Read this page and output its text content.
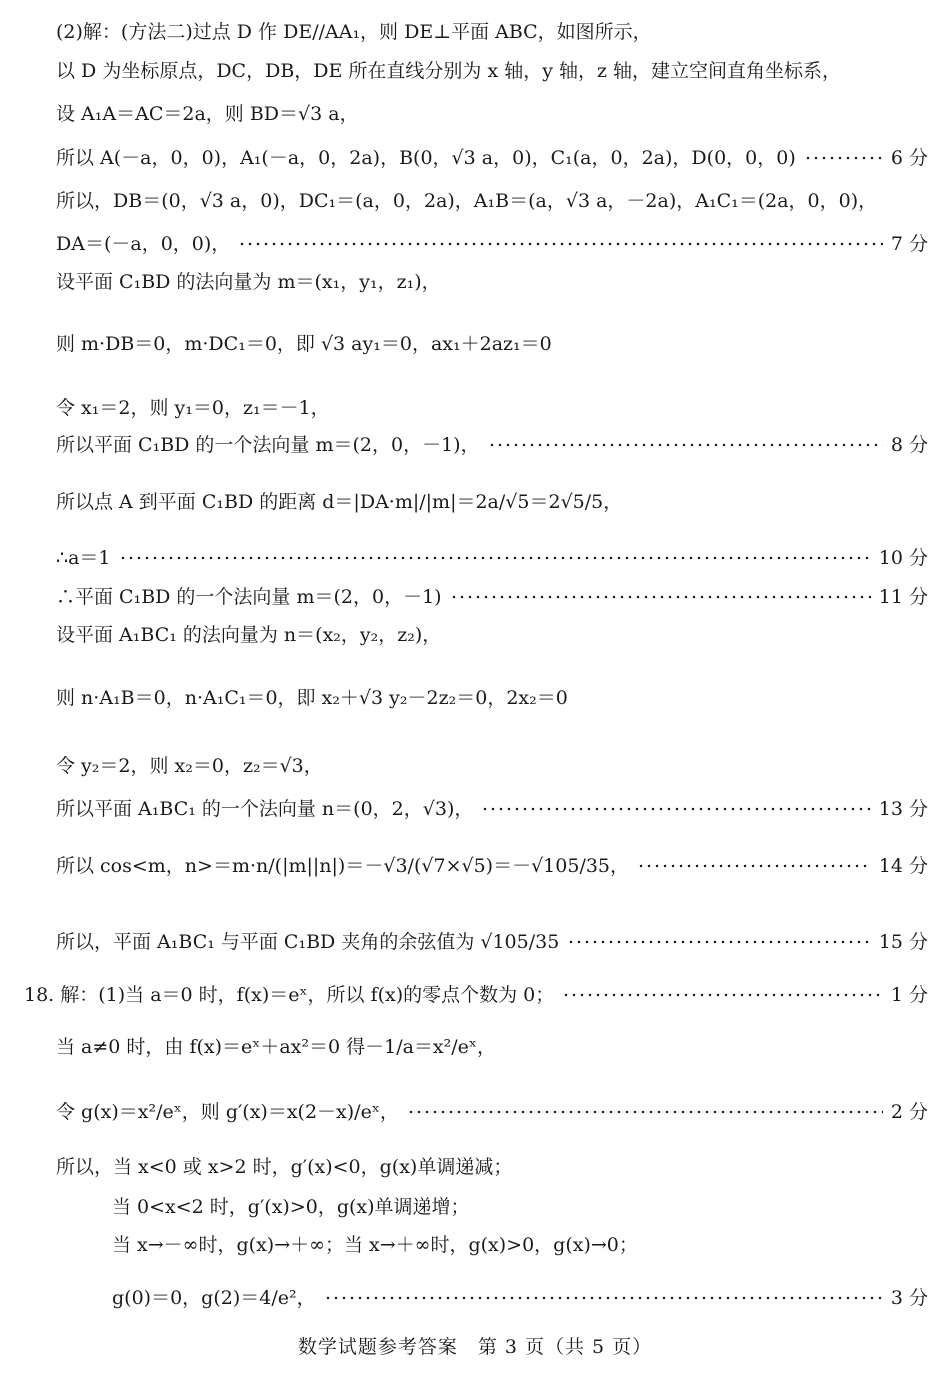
(2)解：(方法二)过点 D 作 DE//AA₁，则 DE⊥平面 ABC，如图所示，
以 D 为坐标原点，DC，DB，DE 所在直线分别为 x 轴，y 轴，z 轴，建立空间直角坐标系，
设 A₁A＝AC＝2a，则 BD＝√3 a，
所以 A(－a，0，0)，A₁(－a，0，2a)，B(0，√3 a，0)，C₁(a，0，2a)，D(0，0，0)	6 分
所以，DB＝(0，√3 a，0)，DC₁＝(a，0，2a)，A₁B＝(a，√3 a，－2a)，A₁C₁＝(2a，0，0)，
DA＝(－a，0，0)，	7 分
设平面 C₁BD 的法向量为 m＝(x₁，y₁，z₁)，
则 m·DB＝0，m·DC₁＝0，即 √3 ay₁＝0，ax₁＋2az₁＝0
令 x₁＝2，则 y₁＝0，z₁＝－1，
所以平面 C₁BD 的一个法向量 m＝(2，0，－1)，	8 分
所以点 A 到平面 C₁BD 的距离 d＝|DA·m|/|m|＝2a/√5＝2√5/5，
∴a＝1	10 分
∴平面 C₁BD 的一个法向量 m＝(2，0，－1)	11 分
设平面 A₁BC₁ 的法向量为 n＝(x₂，y₂，z₂)，
则 n·A₁B＝0，n·A₁C₁＝0，即 x₂＋√3 y₂－2z₂＝0，2x₂＝0
令 y₂＝2，则 x₂＝0，z₂＝√3，
所以平面 A₁BC₁ 的一个法向量 n＝(0，2，√3)，	13 分
所以 cos<m，n>＝m·n/(|m||n|)＝－√3/(√7×√5)＝－√105/35，	14 分
所以，平面 A₁BC₁ 与平面 C₁BD 夹角的余弦值为 √105/35	15 分
18. 解：(1)当 a＝0 时，f(x)＝eˣ，所以 f(x)的零点个数为 0；	1 分
当 a≠0 时，由 f(x)＝eˣ＋ax²＝0 得－1/a＝x²/eˣ，
令 g(x)＝x²/eˣ，则 g′(x)＝x(2－x)/eˣ，	2 分
所以，当 x<0 或 x>2 时，g′(x)<0，g(x)单调递减；
当 0<x<2 时，g′(x)>0，g(x)单调递增；
当 x→－∞时，g(x)→＋∞；当 x→＋∞时，g(x)>0，g(x)→0；
g(0)＝0，g(2)＝4/e²，	3 分
数学试题参考答案　第 3 页（共 5 页）
